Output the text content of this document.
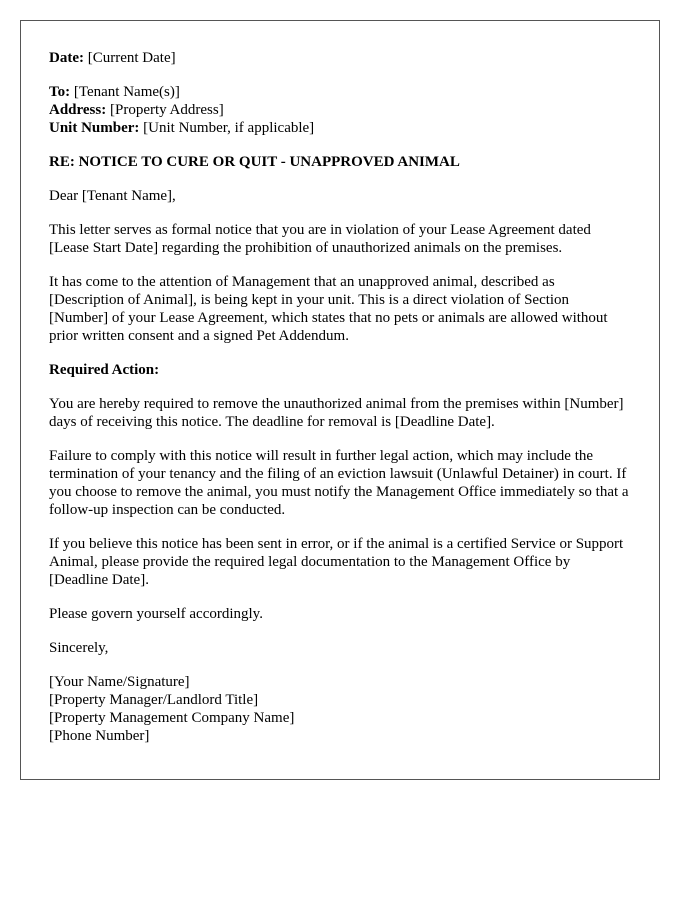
Date: [Current Date]
To: [Tenant Name(s)]
Address: [Property Address]
Unit Number: [Unit Number, if applicable]
RE: NOTICE TO CURE OR QUIT - UNAPPROVED ANIMAL

Dear [Tenant Name],

This letter serves as formal notice that you are in violation of your Lease Agreement dated [Lease Start Date] regarding the prohibition of unauthorized animals on the premises.

It has come to the attention of Management that an unapproved animal, described as [Description of Animal], is being kept in your unit. This is a direct violation of Section [Number] of your Lease Agreement, which states that no pets or animals are allowed without prior written consent and a signed Pet Addendum.

Required Action:

You are hereby required to remove the unauthorized animal from the premises within [Number] days of receiving this notice. The deadline for removal is [Deadline Date].

Failure to comply with this notice will result in further legal action, which may include the termination of your tenancy and the filing of an eviction lawsuit (Unlawful Detainer) in court. If you choose to remove the animal, you must notify the Management Office immediately so that a follow-up inspection can be conducted.

If you believe this notice has been sent in error, or if the animal is a certified Service or Support Animal, please provide the required legal documentation to the Management Office by [Deadline Date].

Please govern yourself accordingly.

Sincerely,

[Your Name/Signature]
[Property Manager/Landlord Title]
[Property Management Company Name]
[Phone Number]
